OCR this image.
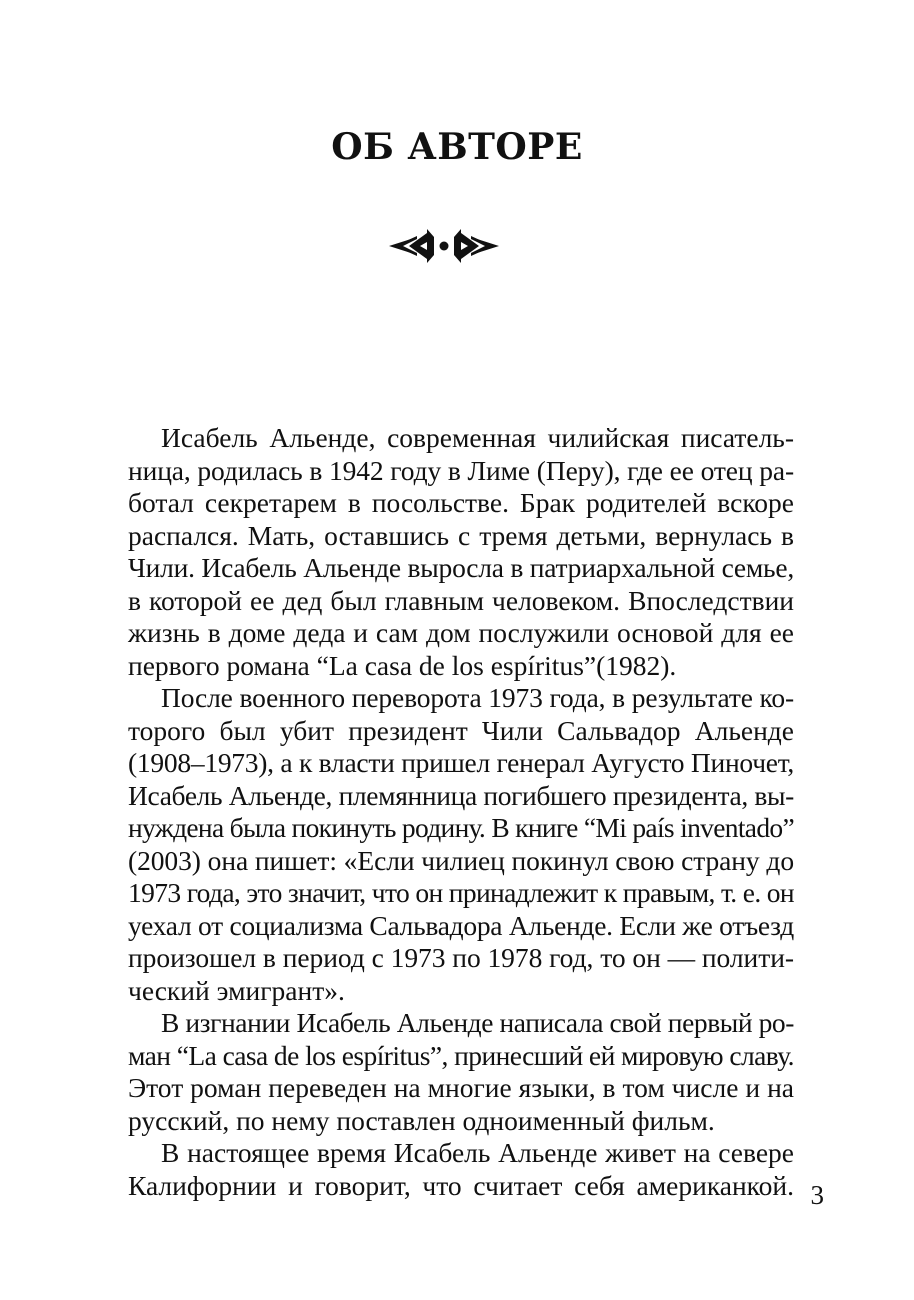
ОБ АВТОРЕ

Исабель Альенде, современная чилийская писатель-
ница, родилась в 1942 году в Лиме (Перу), где ее отец ра-
ботал секретарем в посольстве. Брак родителей вскоре
распался. Мать, оставшись с тремя детьми, вернулась в
Чили. Исабель Альенде выросла в патриархальной семье,
в которой ее дед был главным человеком. Впоследствии
жизнь в доме деда и сам дом послужили основой для ее
первого романа “La casa de los espíritus”(1982).

После военного переворота 1973 года, в результате ко-
торого был убит президент Чили Сальвадор Альенде
(1908–1973), а к власти пришел генерал Аугусто Пиночет,
Исабель Альенде, племянница погибшего президента, вы-
нуждена была покинуть родину. В книге “Mi país inventado”
(2003) она пишет: «Если чилиец покинул свою страну до
1973 года, это значит, что он принадлежит к правым, т. е. он
уехал от социализма Сальвадора Альенде. Если же отъезд
произошел в период с 1973 по 1978 год, то он — полити-
ческий эмигрант».

В изгнании Исабель Альенде написала свой первый ро-
ман “La casa de los espíritus”, принесший ей мировую славу.
Этот роман переведен на многие языки, в том числе и на
русский, по нему поставлен одноименный фильм.

В настоящее время Исабель Альенде живет на севере
Калифорнии и говорит, что считает себя американкой. 3
